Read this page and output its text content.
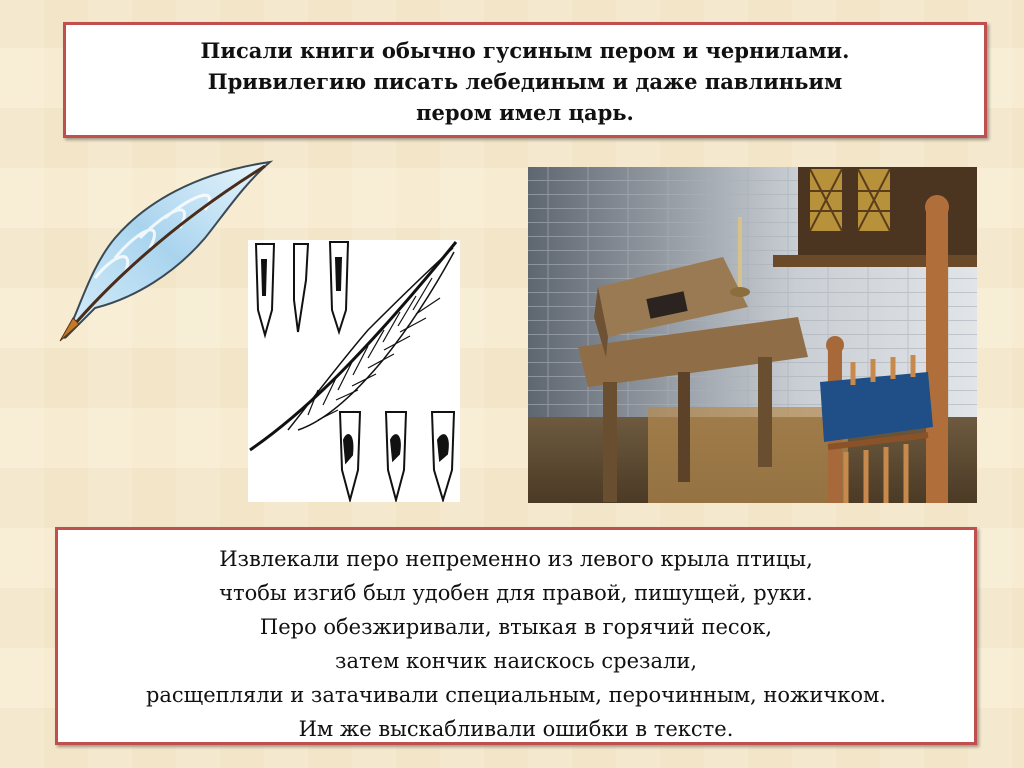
Писали книги обычно гусиным пером и чернилами.
Привилегию писать лебединым и даже павлиньим
пером имел царь.
Извлекали перо непременно из левого крыла птицы,
чтобы изгиб был удобен для правой, пишущей, руки.
Перо обезжиривали, втыкая в горячий песок,
затем кончик наискось срезали,
расщепляли и затачивали специальным, перочинным, ножичком.
Им же выскабливали ошибки в тексте.
